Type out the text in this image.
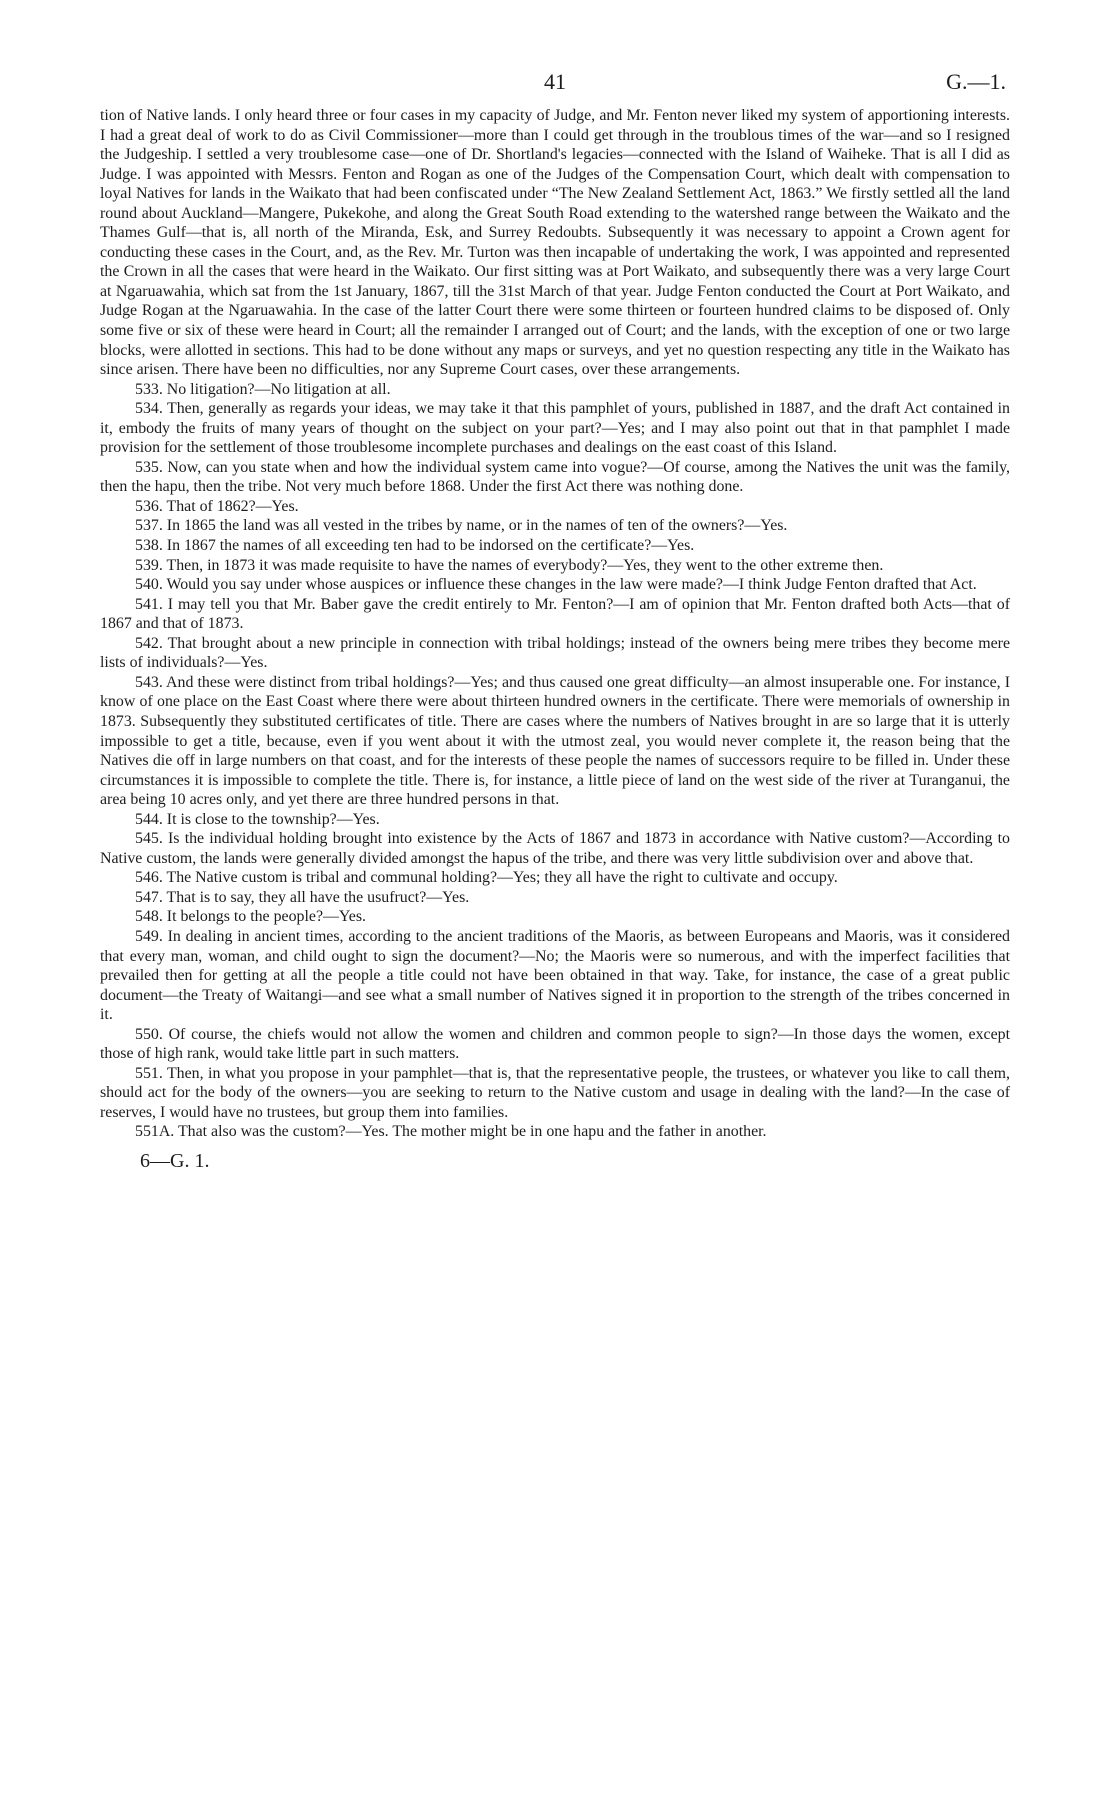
41	G.—1.

tion of Native lands. I only heard three or four cases in my capacity of Judge, and Mr. Fenton never liked my system of apportioning interests. I had a great deal of work to do as Civil Commissioner—more than I could get through in the troublous times of the war—and so I resigned the Judgeship. I settled a very troublesome case—one of Dr. Shortland's legacies—connected with the Island of Waiheke. That is all I did as Judge. I was appointed with Messrs. Fenton and Rogan as one of the Judges of the Compensation Court, which dealt with compensation to loyal Natives for lands in the Waikato that had been confiscated under “The New Zealand Settlement Act, 1863.” We firstly settled all the land round about Auckland—Mangere, Pukekohe, and along the Great South Road extending to the watershed range between the Waikato and the Thames Gulf—that is, all north of the Miranda, Esk, and Surrey Redoubts. Subsequently it was necessary to appoint a Crown agent for conducting these cases in the Court, and, as the Rev. Mr. Turton was then incapable of undertaking the work, I was appointed and represented the Crown in all the cases that were heard in the Waikato. Our first sitting was at Port Waikato, and subsequently there was a very large Court at Ngaruawahia, which sat from the 1st January, 1867, till the 31st March of that year. Judge Fenton conducted the Court at Port Waikato, and Judge Rogan at the Ngaruawahia. In the case of the latter Court there were some thirteen or fourteen hundred claims to be disposed of. Only some five or six of these were heard in Court; all the remainder I arranged out of Court; and the lands, with the exception of one or two large blocks, were allotted in sections. This had to be done without any maps or surveys, and yet no question respecting any title in the Waikato has since arisen. There have been no difficulties, nor any Supreme Court cases, over these arrangements.

533. No litigation?—No litigation at all.

534. Then, generally as regards your ideas, we may take it that this pamphlet of yours, published in 1887, and the draft Act contained in it, embody the fruits of many years of thought on the subject on your part?—Yes; and I may also point out that in that pamphlet I made provision for the settlement of those troublesome incomplete purchases and dealings on the east coast of this Island.

535. Now, can you state when and how the individual system came into vogue?—Of course, among the Natives the unit was the family, then the hapu, then the tribe. Not very much before 1868. Under the first Act there was nothing done.

536. That of 1862?—Yes.

537. In 1865 the land was all vested in the tribes by name, or in the names of ten of the owners?—Yes.

538. In 1867 the names of all exceeding ten had to be indorsed on the certificate?—Yes.

539. Then, in 1873 it was made requisite to have the names of everybody?—Yes, they went to the other extreme then.

540. Would you say under whose auspices or influence these changes in the law were made?—I think Judge Fenton drafted that Act.

541. I may tell you that Mr. Baber gave the credit entirely to Mr. Fenton?—I am of opinion that Mr. Fenton drafted both Acts—that of 1867 and that of 1873.

542. That brought about a new principle in connection with tribal holdings; instead of the owners being mere tribes they become mere lists of individuals?—Yes.

543. And these were distinct from tribal holdings?—Yes; and thus caused one great difficulty—an almost insuperable one. For instance, I know of one place on the East Coast where there were about thirteen hundred owners in the certificate. There were memorials of ownership in 1873. Subsequently they substituted certificates of title. There are cases where the numbers of Natives brought in are so large that it is utterly impossible to get a title, because, even if you went about it with the utmost zeal, you would never complete it, the reason being that the Natives die off in large numbers on that coast, and for the interests of these people the names of successors require to be filled in. Under these circumstances it is impossible to complete the title. There is, for instance, a little piece of land on the west side of the river at Turanganui, the area being 10 acres only, and yet there are three hundred persons in that.

544. It is close to the township?—Yes.

545. Is the individual holding brought into existence by the Acts of 1867 and 1873 in accordance with Native custom?—According to Native custom, the lands were generally divided amongst the hapus of the tribe, and there was very little subdivision over and above that.

546. The Native custom is tribal and communal holding?—Yes; they all have the right to cultivate and occupy.

547. That is to say, they all have the usufruct?—Yes.

548. It belongs to the people?—Yes.

549. In dealing in ancient times, according to the ancient traditions of the Maoris, as between Europeans and Maoris, was it considered that every man, woman, and child ought to sign the document?—No; the Maoris were so numerous, and with the imperfect facilities that prevailed then for getting at all the people a title could not have been obtained in that way. Take, for instance, the case of a great public document—the Treaty of Waitangi—and see what a small number of Natives signed it in proportion to the strength of the tribes concerned in it.

550. Of course, the chiefs would not allow the women and children and common people to sign?—In those days the women, except those of high rank, would take little part in such matters.

551. Then, in what you propose in your pamphlet—that is, that the representative people, the trustees, or whatever you like to call them, should act for the body of the owners—you are seeking to return to the Native custom and usage in dealing with the land?—In the case of reserves, I would have no trustees, but group them into families.

551A. That also was the custom?—Yes. The mother might be in one hapu and the father in another.

6—G. 1.
